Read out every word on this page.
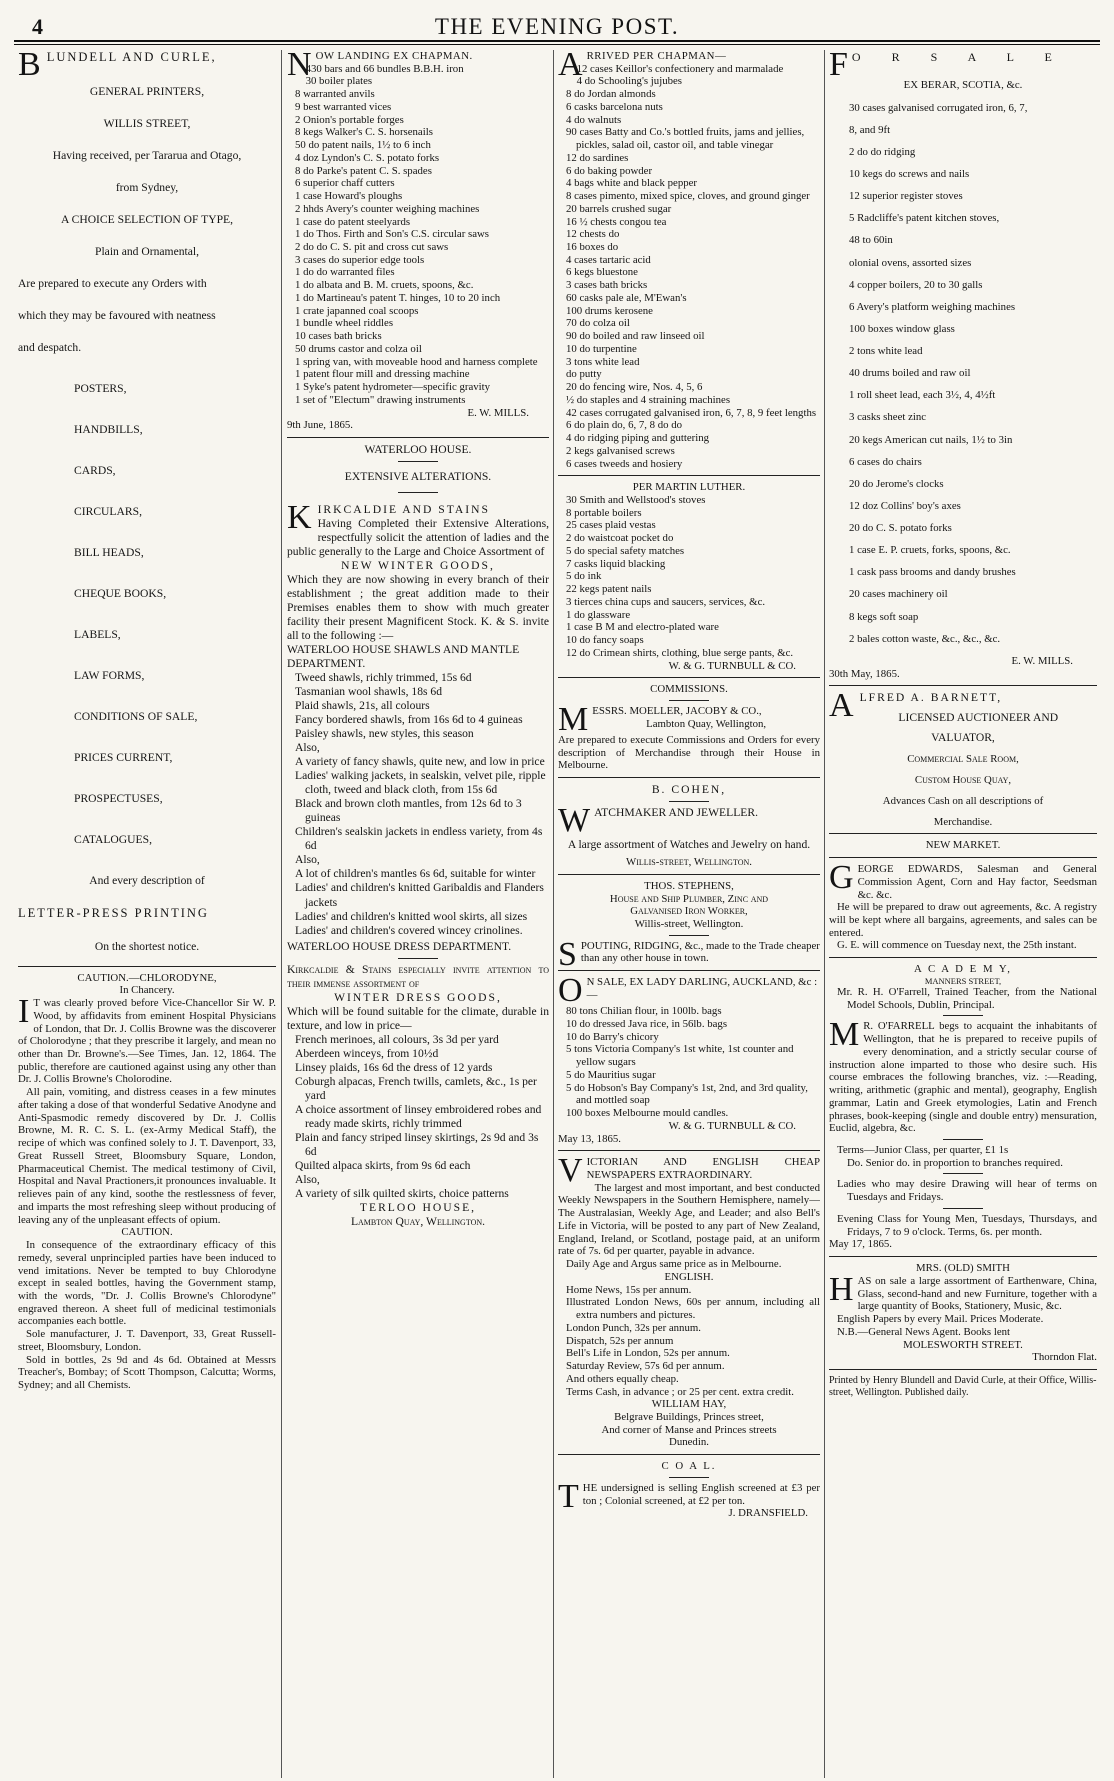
4	THE EVENING POST.

BLUNDELL AND CURLE,

GENERAL PRINTERS,

WILLIS STREET,

Having received, per Tararua and Otago,

from Sydney,

A CHOICE SELECTION OF TYPE,

Plain and Ornamental,

Are prepared to execute any Orders with

which they may be favoured with neatness

and despatch.

POSTERS,

HANDBILLS,

CARDS,

CIRCULARS,

BILL HEADS,

CHEQUE BOOKS,

LABELS,

LAW FORMS,

CONDITIONS OF SALE,

PRICES CURRENT,

PROSPECTUSES,

CATALOGUES,

And every description of

LETTER-PRESS PRINTING

On the shortest notice.

CAUTION.—CHLORODYNE,

In Chancery.

I T was clearly proved before Vice-Chancellor Sir W. P. Wood, by affidavits from eminent Hospital Physicians of London, that Dr. J. Collis Browne was the discoverer of Cholorodyne ; that they prescribe it largely, and mean no other than Dr. Browne's.—See Times, Jan. 12, 1864. The public, therefore are cautioned against using any other than Dr. J. Collis Browne's Cholorodine.

All pain, vomiting, and distress ceases in a few minutes after taking a dose of that wonderful Sedative Anodyne and Anti-Spasmodic remedy discovered by Dr. J. Collis Browne, M. R. C. S. L. (ex-Army Medical Staff), the recipe of which was confined solely to J. T. Davenport, 33, Great Russell Street, Bloomsbury Square, London, Pharmaceutical Chemist. The medical testimony of Civil, Hospital and Naval Practioners,it pronounces invaluable. It relieves pain of any kind, soothe the restlessness of fever, and imparts the most refreshing sleep without producing of leaving any of the unpleasant effects of opium.

CAUTION.

In consequence of the extraordinary efficacy of this remedy, several unprincipled parties have been induced to vend imitations. Never be tempted to buy Chlorodyne except in sealed bottles, having the Government stamp, with the words, "Dr. J. Collis Browne's Chlorodyne" engraved thereon. A sheet full of medicinal testimonials accompanies each bottle.

Sole manufacturer, J. T. Davenport, 33, Great Russell-street, Bloomsbury, London.

Sold in bottles, 2s 9d and 4s 6d. Obtained at Messrs Treacher's, Bombay; of Scott Thompson, Calcutta; Worms, Sydney; and all Chemists.

NOW LANDING EX CHAPMAN.

430 bars and 66 bundles B.B.H. iron

30 boiler plates

8 warranted anvils

9 best warranted vices

2 Onion's portable forges

8 kegs Walker's C. S. horsenails

50 do patent nails, 1½ to 6 inch

4 doz Lyndon's C. S. potato forks

8 do Parke's patent C. S. spades

6 superior chaff cutters

1 case Howard's ploughs

2 hhds Avery's counter weighing machines

1 case do patent steelyards

1 do Thos. Firth and Son's C.S. circular saws

2 do do C. S. pit and cross cut saws

3 cases do superior edge tools

1 do do warranted files

1 do albata and B. M. cruets, spoons, &c.

1 do Martineau's patent T. hinges, 10 to 20 inch

1 crate japanned coal scoops

1 bundle wheel riddles

10 cases bath bricks

50 drums castor and colza oil

1 spring van, with moveable hood and harness complete

1 patent flour mill and dressing machine

1 Syke's patent hydrometer—specific gravity

1 set of "Electum" drawing instruments

E. W. MILLS.

9th June, 1865.

WATERLOO HOUSE.

EXTENSIVE ALTERATIONS.

KIRKCALDIE AND STAINS

Having Completed their Extensive Alterations, respectfully solicit the attention of ladies and the public generally to the Large and Choice Assortment of

NEW WINTER GOODS,

Which they are now showing in every branch of their establishment ; the great addition made to their Premises enables them to show with much greater facility their present Magnificent Stock. K. & S. invite all to the following :—

WATERLOO HOUSE SHAWLS AND MANTLE DEPARTMENT.

Tweed shawls, richly trimmed, 15s 6d

Tasmanian wool shawls, 18s 6d

Plaid shawls, 21s, all colours

Fancy bordered shawls, from 16s 6d to 4 guineas

Paisley shawls, new styles, this season

Also,

A variety of fancy shawls, quite new, and low in price

Ladies' walking jackets, in sealskin, velvet pile, ripple cloth, tweed and black cloth, from 15s 6d

Black and brown cloth mantles, from 12s 6d to 3 guineas

Children's sealskin jackets in endless variety, from 4s 6d

Also,

A lot of children's mantles 6s 6d, suitable for winter

Ladies' and children's knitted Garibaldis and Flanders jackets

Ladies' and children's knitted wool skirts, all sizes

Ladies' and children's covered wincey crinolines.

WATERLOO HOUSE DRESS DEPARTMENT.

Kirkcaldie & Stains especially invite attention to their immense assortment of

WINTER DRESS GOODS,

Which will be found suitable for the climate, durable in texture, and low in price—

French merinoes, all colours, 3s 3d per yard

Aberdeen winceys, from 10½d

Linsey plaids, 16s 6d the dress of 12 yards

Coburgh alpacas, French twills, camlets, &c., 1s per yard

A choice assortment of linsey embroidered robes and ready made skirts, richly trimmed

Plain and fancy striped linsey skirtings, 2s 9d and 3s 6d

Quilted alpaca skirts, from 9s 6d each

Also,

A variety of silk quilted skirts, choice patterns

TERLOO HOUSE,

Lambton Quay, Wellington.

ARRIVED PER CHAPMAN—

12 cases Keillor's confectionery and marmalade

4 do Schooling's jujubes

8 do Jordan almonds

6 casks barcelona nuts

4 do walnuts

90 cases Batty and Co.'s bottled fruits, jams and jellies, pickles, salad oil, castor oil, and table vinegar

12 do sardines

6 do baking powder

4 bags white and black pepper

8 cases pimento, mixed spice, cloves, and ground ginger

20 barrels crushed sugar

16 ½ chests congou tea

12 chests do

16 boxes do

4 cases tartaric acid

6 kegs bluestone

3 cases bath bricks

60 casks pale ale, M'Ewan's

100 drums kerosene

70 do colza oil

90 do boiled and raw linseed oil

10 do turpentine

3 tons white lead

do putty

20 do fencing wire, Nos. 4, 5, 6

½ do staples and 4 straining machines

42 cases corrugated galvanised iron, 6, 7, 8, 9 feet lengths

6 do plain do, 6, 7, 8 do do

4 do ridging piping and guttering

2 kegs galvanised screws

6 cases tweeds and hosiery

PER MARTIN LUTHER.

30 Smith and Wellstood's stoves

8 portable boilers

25 cases plaid vestas

2 do waistcoat pocket do

5 do special safety matches

7 casks liquid blacking

5 do ink

22 kegs patent nails

3 tierces china cups and saucers, services, &c.

1 do glassware

1 case B M and electro-plated ware

10 do fancy soaps

12 do Crimean shirts, clothing, blue serge pants, &c.

W. & G. TURNBULL & CO.

COMMISSIONS.

MESSRS. MOELLER, JACOBY & CO.,

Lambton Quay, Wellington,

Are prepared to execute Commissions and Orders for every description of Merchandise through their House in Melbourne.

B. COHEN,

WATCHMAKER AND JEWELLER.

A large assortment of Watches and Jewelry on hand.

Willis-street, Wellington.

THOS. STEPHENS,

House and Ship Plumber, Zinc and

Galvanised Iron Worker,

Willis-street, Wellington.

SPOUTING, RIDGING, &c., made to the Trade cheaper than any other house in town.

O N SALE, EX LADY DARLING, AUCKLAND, &c :—

80 tons Chilian flour, in 100lb. bags

10 do dressed Java rice, in 56lb. bags

10 do Barry's chicory

5 tons Victoria Company's 1st white, 1st counter and yellow sugars

5 do Mauritius sugar

5 do Hobson's Bay Company's 1st, 2nd, and 3rd quality, and mottled soap

100 boxes Melbourne mould candles.

W. & G. TURNBULL & CO.

May 13, 1865.

VICTORIAN AND ENGLISH CHEAP NEWSPAPERS EXTRAORDINARY.

The largest and most important, and best conducted Weekly Newspapers in the Southern Hemisphere, namely—The Australasian, Weekly Age, and Leader; and also Bell's Life in Victoria, will be posted to any part of New Zealand, England, Ireland, or Scotland, postage paid, at an uniform rate of 7s. 6d per quarter, payable in advance.

Daily Age and Argus same price as in Melbourne.

ENGLISH.

Home News, 15s per annum.

Illustrated London News, 60s per annum, including all extra numbers and pictures.

London Punch, 32s per annum.

Dispatch, 52s per annum

Bell's Life in London, 52s per annum.

Saturday Review, 57s 6d per annum.

And others equally cheap.

Terms Cash, in advance ; or 25 per cent. extra credit.

WILLIAM HAY,

Belgrave Buildings, Princes street,

And corner of Manse and Princes streets

Dunedin.

C O A L.

THE undersigned is selling English screened at £3 per ton ; Colonial screened, at £2 per ton.

J. DRANSFIELD.

F O R S A L E

EX BERAR, SCOTIA, &c.

30 cases galvanised corrugated iron, 6, 7,

8, and 9ft

2 do do ridging

10 kegs do screws and nails

12 superior register stoves

5 Radcliffe's patent kitchen stoves,

48 to 60in

olonial ovens, assorted sizes

4 copper boilers, 20 to 30 galls

6 Avery's platform weighing machines

100 boxes window glass

2 tons white lead

40 drums boiled and raw oil

1 roll sheet lead, each 3½, 4, 4½ft

3 casks sheet zinc

20 kegs American cut nails, 1½ to 3in

6 cases do chairs

20 do Jerome's clocks

12 doz Collins' boy's axes

20 do C. S. potato forks

1 case E. P. cruets, forks, spoons, &c.

1 cask pass brooms and dandy brushes

20 cases machinery oil

8 kegs soft soap

2 bales cotton waste, &c., &c., &c.

E. W. MILLS.

30th May, 1865.

ALFRED A. BARNETT,

LICENSED AUCTIONEER AND

VALUATOR,

Commercial Sale Room,

Custom House Quay,

Advances Cash on all descriptions of

Merchandise.

NEW MARKET.

GEORGE EDWARDS, Salesman and General Commission Agent, Corn and Hay factor, Seedsman &c. &c.

He will be prepared to draw out agreements, &c. A registry will be kept where all bargains, agreements, and sales can be entered.

G. E. will commence on Tuesday next, the 25th instant.

A C A D E M Y,

MANNERS STREET,

Mr. R. H. O'Farrell, Trained Teacher, from the National Model Schools, Dublin, Principal.

M R. O'FARRELL begs to acquaint the inhabitants of Wellington, that he is prepared to receive pupils of every denomination, and a strictly secular course of instruction alone imparted to those who desire such. His course embraces the following branches, viz. :—Reading, writing, arithmetic (graphic and mental), geography, English grammar, Latin and Greek etymologies, Latin and French phrases, book-keeping (single and double entry) mensuration, Euclid, algebra, &c.

Terms—Junior Class, per quarter, £1 1s

Do. Senior do. in proportion to branches required.

Ladies who may desire Drawing will hear of terms on Tuesdays and Fridays.

Evening Class for Young Men, Tuesdays, Thursdays, and Fridays, 7 to 9 o'clock. Terms, 6s. per month.

May 17, 1865.

MRS. (OLD) SMITH

HAS on sale a large assortment of Earthenware, China, Glass, second-hand and new Furniture, together with a large quantity of Books, Stationery, Music, &c.

English Papers by every Mail. Prices Moderate.

N.B.—General News Agent. Books lent

MOLESWORTH STREET.

Thorndon Flat.

Printed by Henry Blundell and David Curle, at their Office, Willis-street, Wellington. Published daily.
